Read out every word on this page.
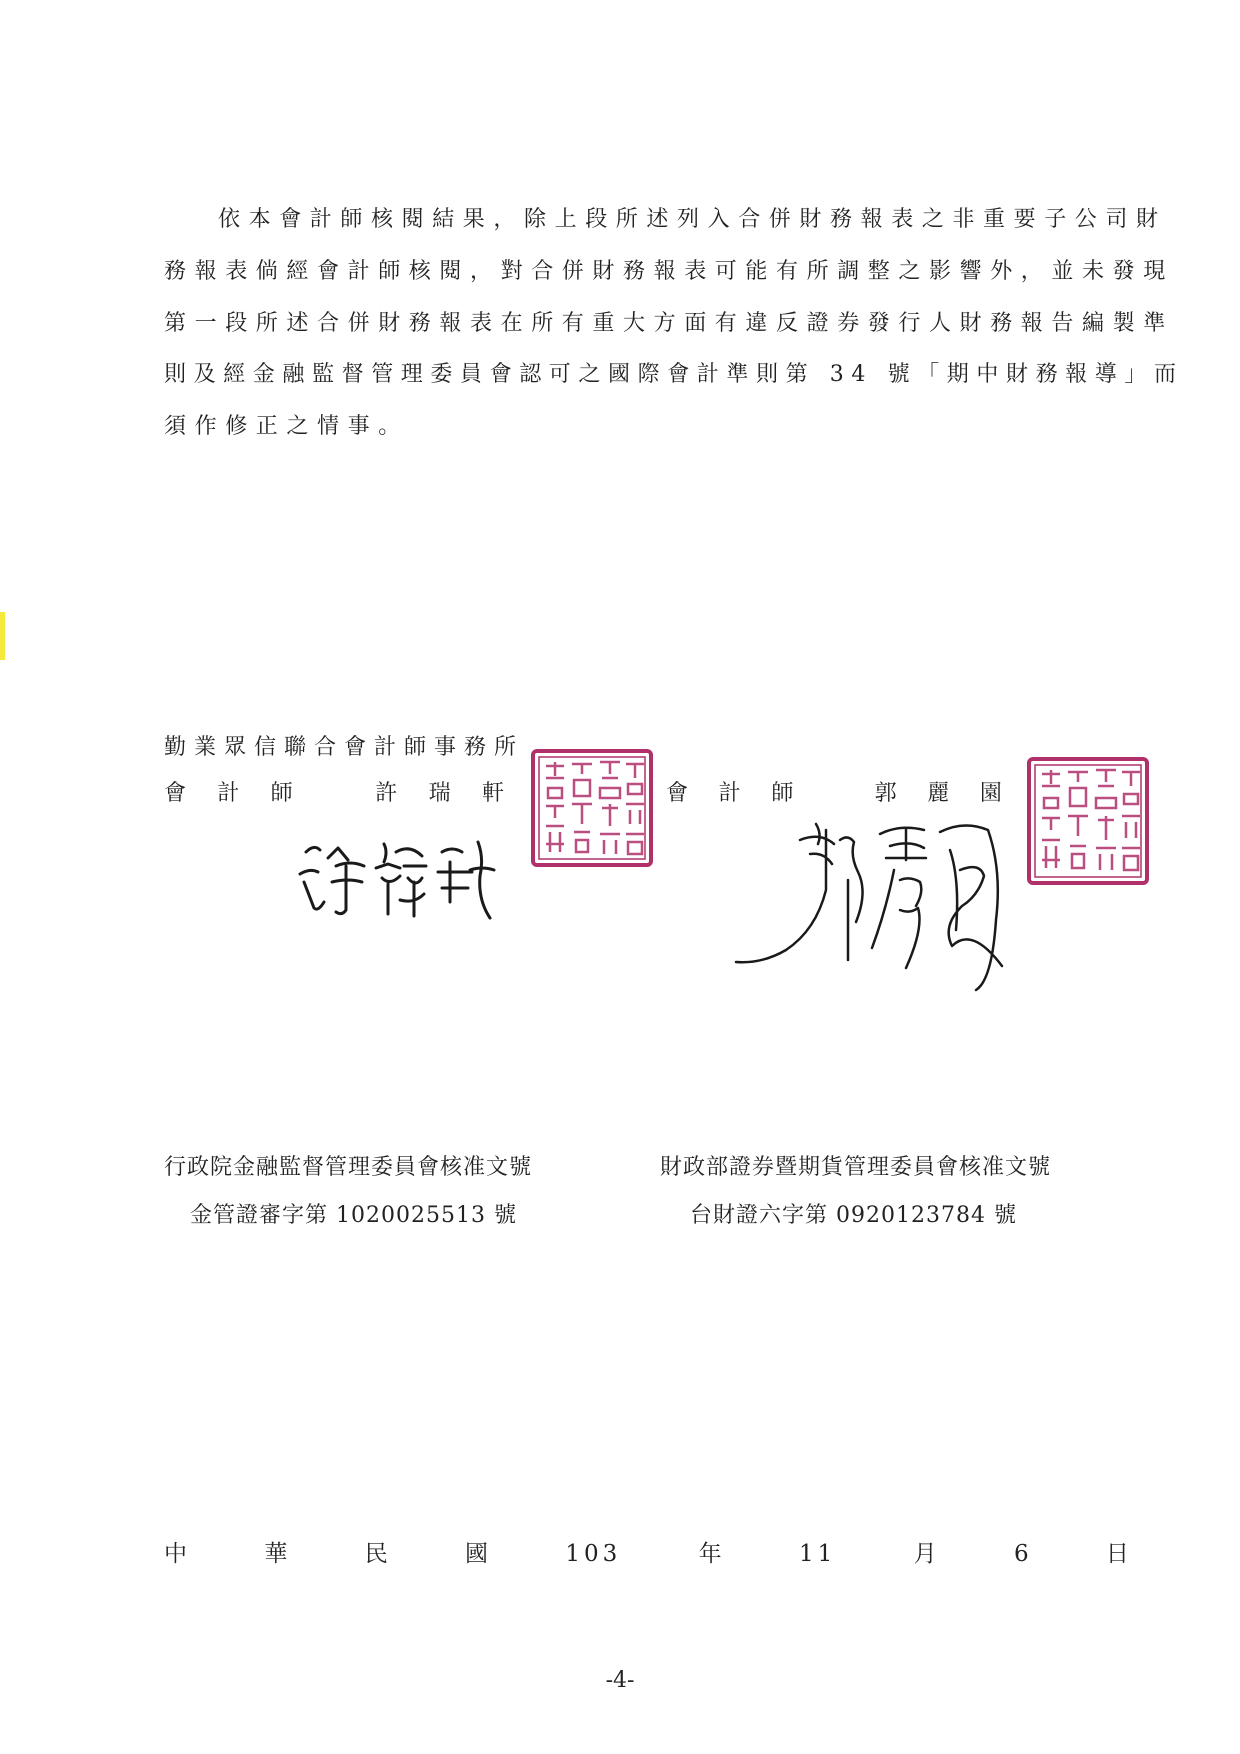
依本會計師核閱結果，除上段所述列入合併財務報表之非重要子公司財
務報表倘經會計師核閱，對合併財務報表可能有所調整之影響外，並未發現
第一段所述合併財務報表在所有重大方面有違反證券發行人財務報告編製準
則及經金融監督管理委員會認可之國際會計準則第 34 號「期中財務報導」而
須作修正之情事。
勤業眾信聯合會計師事務所
會 計 師	許 瑞 軒	會 計 師	郭 麗 園
行政院金融監督管理委員會核准文號
金管證審字第 1020025513 號
財政部證券暨期貨管理委員會核准文號
台財證六字第 0920123784 號
中	華	民	國	103	年	11	月	6	日
-4-
